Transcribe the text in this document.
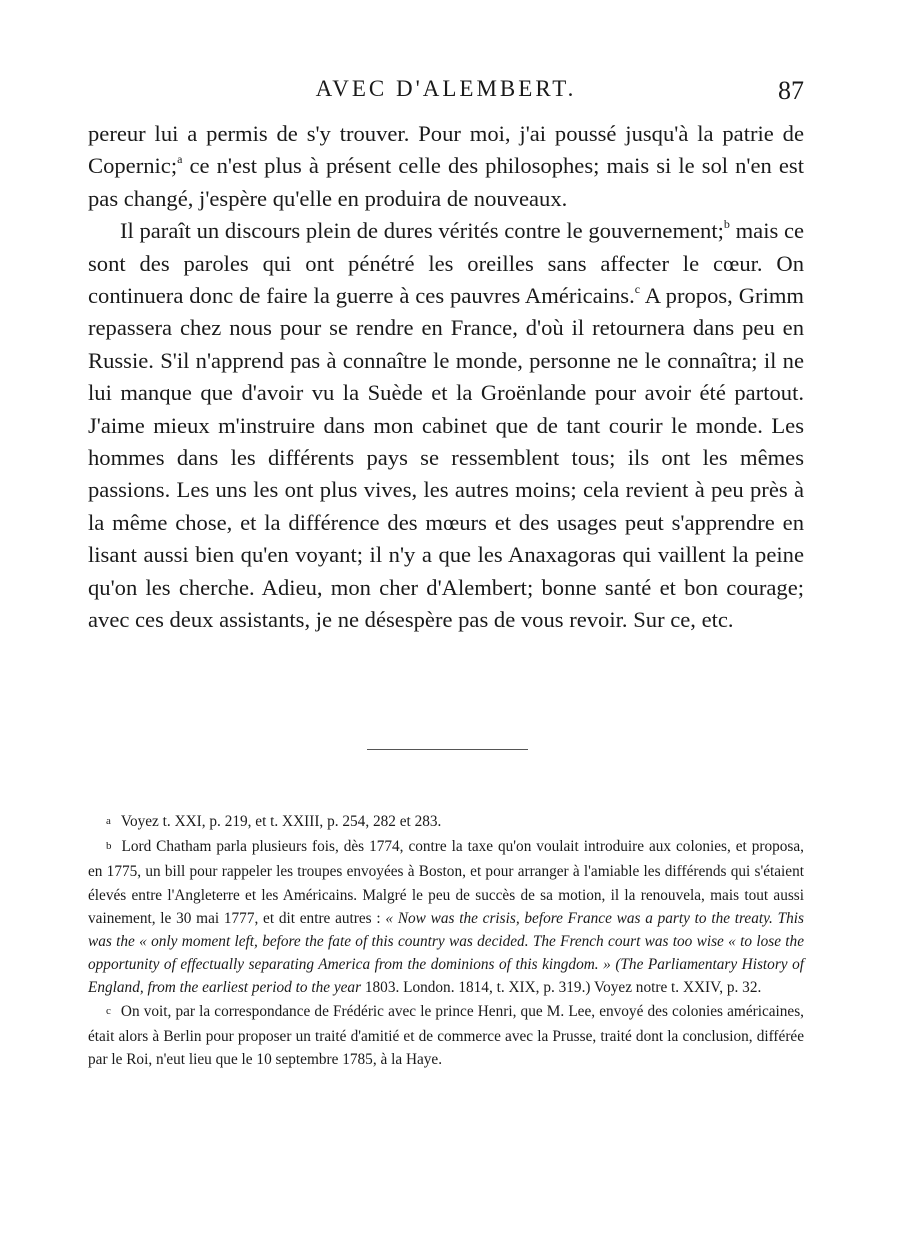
AVEC D'ALEMBERT.	87

pereur lui a permis de s'y trouver. Pour moi, j'ai poussé jusqu'à la patrie de Copernic;$^a$ ce n'est plus à présent celle des philosophes; mais si le sol n'en est pas changé, j'espère qu'elle en produira de nouveaux.

Il paraît un discours plein de dures vérités contre le gouvernement;$^b$ mais ce sont des paroles qui ont pénétré les oreilles sans affecter le cœur. On continuera donc de faire la guerre à ces pauvres Américains.$^c$ A propos, Grimm repassera chez nous pour se rendre en France, d'où il retournera dans peu en Russie. S'il n'apprend pas à connaître le monde, personne ne le connaîtra; il ne lui manque que d'avoir vu la Suède et la Groënlande pour avoir été partout. J'aime mieux m'instruire dans mon cabinet que de tant courir le monde. Les hommes dans les différents pays se ressemblent tous; ils ont les mêmes passions. Les uns les ont plus vives, les autres moins; cela revient à peu près à la même chose, et la différence des mœurs et des usages peut s'apprendre en lisant aussi bien qu'en voyant; il n'y a que les Anaxagoras qui vaillent la peine qu'on les cherche. Adieu, mon cher d'Alembert; bonne santé et bon courage; avec ces deux assistants, je ne désespère pas de vous revoir. Sur ce, etc.

a Voyez t. XXI, p. 219, et t. XXIII, p. 254, 282 et 283.

b Lord Chatham parla plusieurs fois, dès 1774, contre la taxe qu'on voulait introduire aux colonies, et proposa, en 1775, un bill pour rappeler les troupes envoyées à Boston, et pour arranger à l'amiable les différends qui s'étaient élevés entre l'Angleterre et les Américains. Malgré le peu de succès de sa motion, il la renouvela, mais tout aussi vainement, le 30 mai 1777, et dit entre autres : « Now was the crisis, before France was a party to the treaty. This was the « only moment left, before the fate of this country was decided. The French court was too wise « to lose the opportunity of effectually separating America from the dominions of this kingdom. » (The Parliamentary History of England, from the earliest period to the year 1803. London. 1814, t. XIX, p. 319.) Voyez notre t. XXIV, p. 32.

c On voit, par la correspondance de Frédéric avec le prince Henri, que M. Lee, envoyé des colonies américaines, était alors à Berlin pour proposer un traité d'amitié et de commerce avec la Prusse, traité dont la conclusion, différée par le Roi, n'eut lieu que le 10 septembre 1785, à la Haye.
